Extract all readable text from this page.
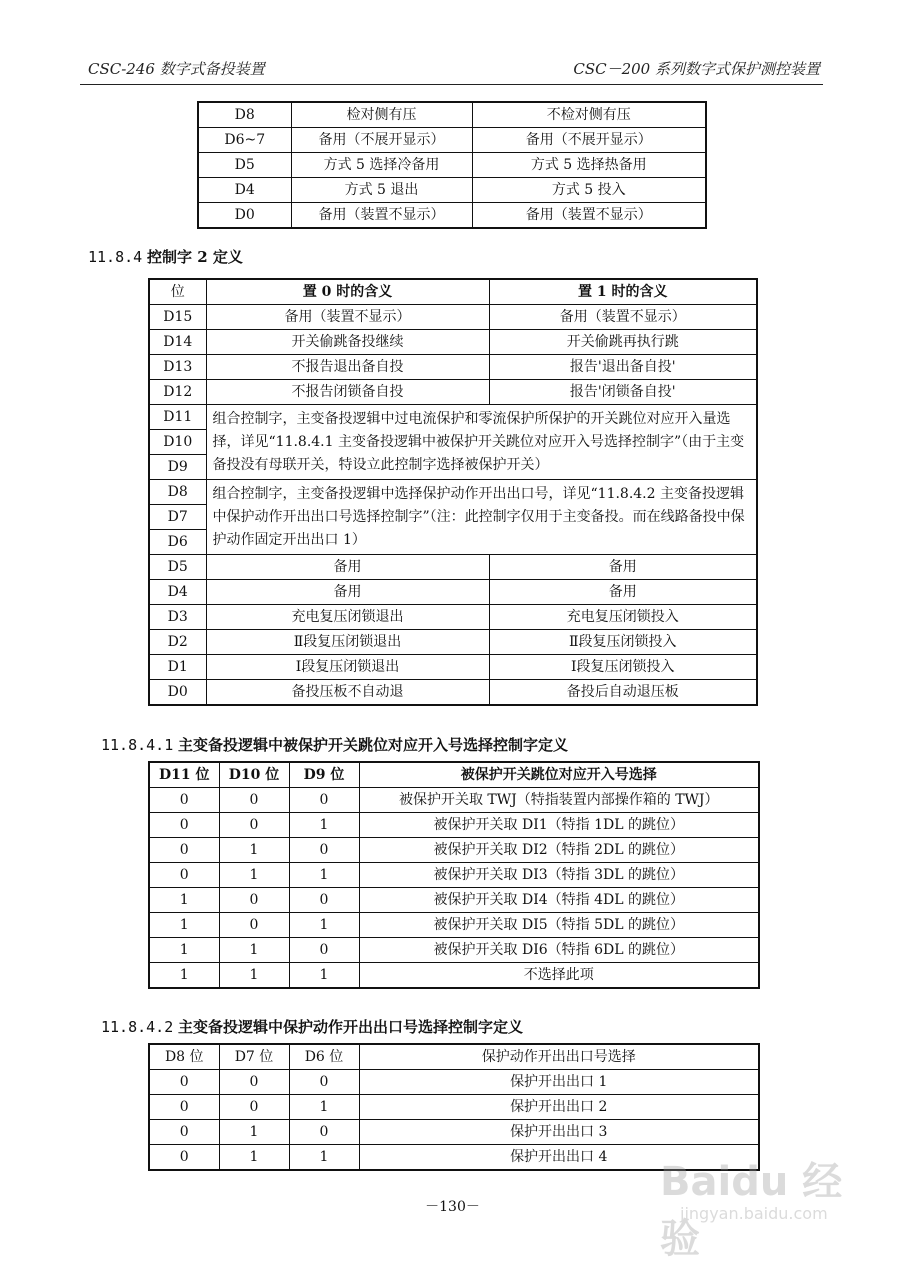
CSC-246 数字式备投装置	CSC－200 系列数字式保护测控装置
D8	检对侧有压	不检对侧有压
D6~7	备用（不展开显示）	备用（不展开显示）
D5	方式 5 选择冷备用	方式 5 选择热备用
D4	方式 5 退出	方式 5 投入
D0	备用（装置不显示）	备用（装置不显示）
11.8.4 控制字 2 定义
位	置 0 时的含义	置 1 时的含义
D15	备用（装置不显示）	备用（装置不显示）
D14	开关偷跳备投继续	开关偷跳再执行跳
D13	不报告退出备自投	报告'退出备自投'
D12	不报告闭锁备自投	报告'闭锁备自投'
D11	组合控制字，主变备投逻辑中过电流保护和零流保护所保护的开关跳位对应开入量选择，详见“11.8.4.1 主变备投逻辑中被保护开关跳位对应开入号选择控制字”（由于主变备投没有母联开关，特设立此控制字选择被保护开关）	
D10		
D9		
D8	组合控制字，主变备投逻辑中选择保护动作开出出口号，详见“11.8.4.2 主变备投逻辑中保护动作开出出口号选择控制字”（注：此控制字仅用于主变备投。而在线路备投中保护动作固定开出出口 1）	
D7		
D6		
D5	备用	备用
D4	备用	备用
D3	充电复压闭锁退出	充电复压闭锁投入
D2	Ⅱ段复压闭锁退出	Ⅱ段复压闭锁投入
D1	Ⅰ段复压闭锁退出	Ⅰ段复压闭锁投入
D0	备投压板不自动退	备投后自动退压板
11.8.4.1 主变备投逻辑中被保护开关跳位对应开入号选择控制字定义
D11 位	D10 位	D9 位	被保护开关跳位对应开入号选择
0	0	0	被保护开关取 TWJ（特指装置内部操作箱的 TWJ）
0	0	1	被保护开关取 DI1（特指 1DL 的跳位）
0	1	0	被保护开关取 DI2（特指 2DL 的跳位）
0	1	1	被保护开关取 DI3（特指 3DL 的跳位）
1	0	0	被保护开关取 DI4（特指 4DL 的跳位）
1	0	1	被保护开关取 DI5（特指 5DL 的跳位）
1	1	0	被保护开关取 DI6（特指 6DL 的跳位）
1	1	1	不选择此项
11.8.4.2 主变备投逻辑中保护动作开出出口号选择控制字定义
D8 位	D7 位	D6 位	保护动作开出出口号选择
0	0	0	保护开出出口 1
0	0	1	保护开出出口 2
0	1	0	保护开出出口 3
0	1	1	保护开出出口 4
－130－
Baidu 经验
jingyan.baidu.com
